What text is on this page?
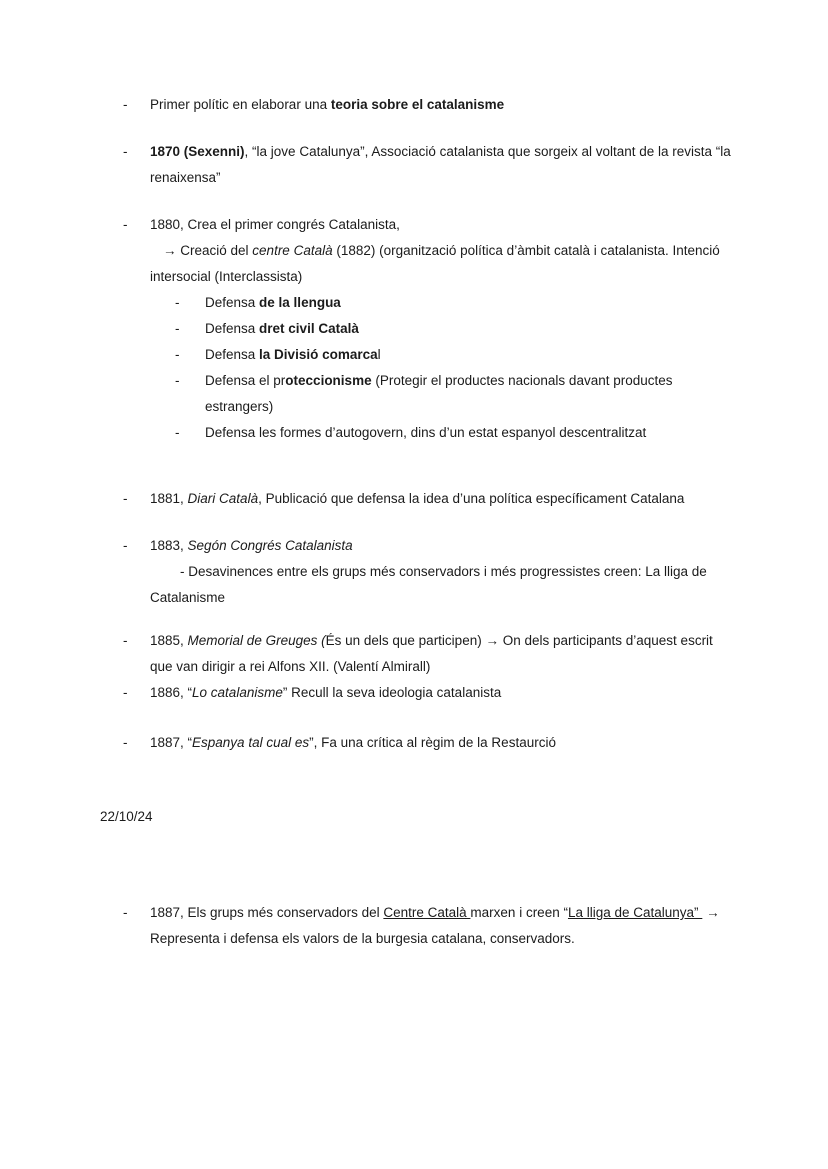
-	Primer polític en elaborar una teoria sobre el catalanisme

-	1870 (Sexenni), “la jove Catalunya”, Associació catalanista que sorgeix al voltant de la revista “la renaixensa”

-	1880, Crea el primer congrés Catalanista,

→ Creació del centre Català (1882) (organització política d’àmbit català i catalanista. Intenció intersocial (Interclassista)

-	Defensa de la llengua

-	Defensa dret civil Català

-	Defensa la Divisió comarcal

-	Defensa el proteccionisme (Protegir el productes nacionals davant productes estrangers)

-	Defensa les formes d’autogovern, dins d’un estat espanyol descentralitzat

-	1881, Diari Català, Publicació que defensa la idea d’una política específicament Catalana

-	1883, Segón Congrés Catalanista

- Desavinences entre els grups més conservadors i més progressistes creen: La lliga de Catalanisme

-	1885, Memorial de Greuges (És un dels que participen) → On dels participants d’aquest escrit que van dirigir a rei Alfons XII. (Valentí Almirall)

-	1886, “Lo catalanisme” Recull la seva ideologia catalanista

-	1887, “Espanya tal cual es”, Fa una crítica al règim de la Restaurció

22/10/24

-	1887, Els grups més conservadors del Centre Català marxen i creen “La lliga de Catalunya”  → Representa i defensa els valors de la burgesia catalana, conservadors.
